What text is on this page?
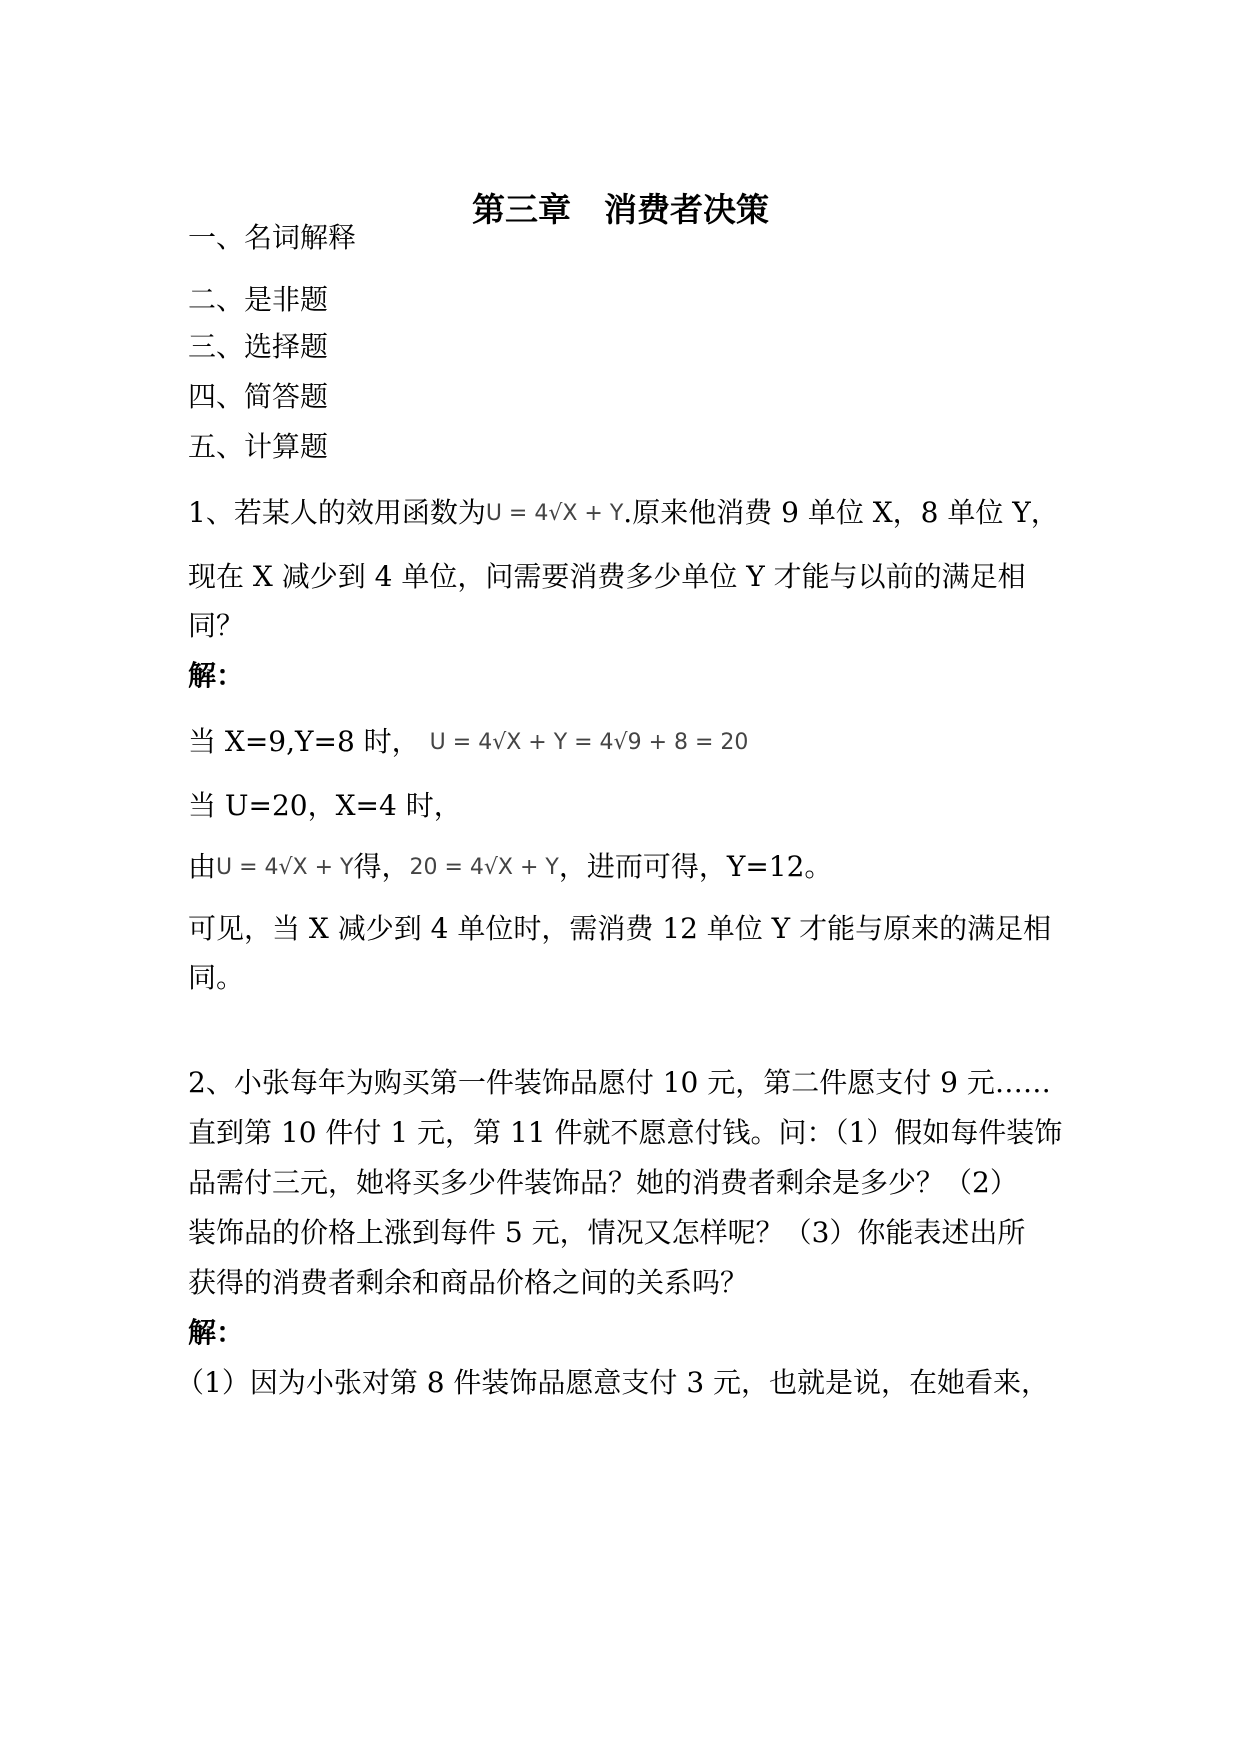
第三章　消费者决策
一、名词解释
二、是非题
三、选择题
四、简答题
五、计算题
1、若某人的效用函数为U = 4√X + Y.原来他消费 9 单位 X，8 单位 Y，
现在 X 减少到 4 单位，问需要消费多少单位 Y 才能与以前的满足相
同？
解：
当 X=9,Y=8 时， U = 4√X + Y = 4√9 + 8 = 20
当 U=20，X=4 时，
由U = 4√X + Y得，20 = 4√X + Y，进而可得，Y=12。
可见，当 X 减少到 4 单位时，需消费 12 单位 Y 才能与原来的满足相
同。
2、小张每年为购买第一件装饰品愿付 10 元，第二件愿支付 9 元……
直到第 10 件付 1 元，第 11 件就不愿意付钱。问：（1）假如每件装饰
品需付三元，她将买多少件装饰品？她的消费者剩余是多少？（2）
装饰品的价格上涨到每件 5 元，情况又怎样呢？（3）你能表述出所
获得的消费者剩余和商品价格之间的关系吗？
解：
（1）因为小张对第 8 件装饰品愿意支付 3 元，也就是说，在她看来，
